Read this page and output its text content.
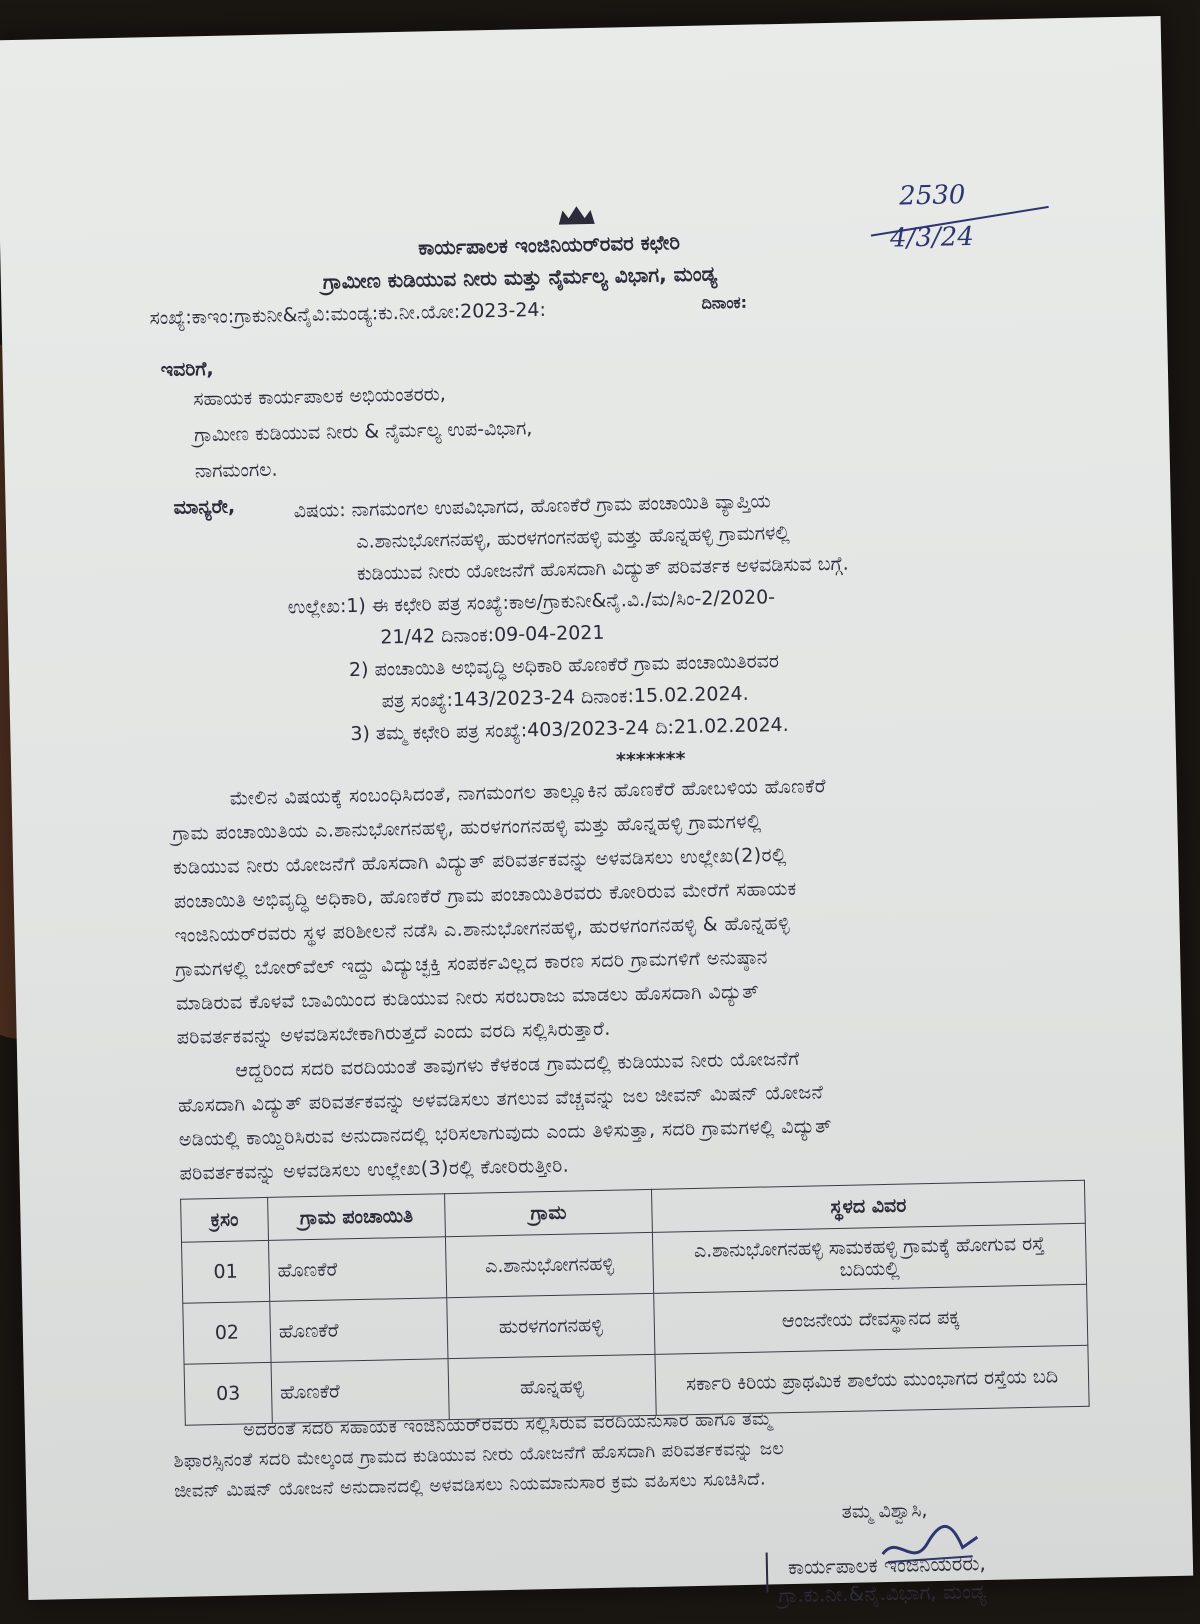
ಕಾರ್ಯಪಾಲಕ ಇಂಜಿನಿಯರ್‌ರವರ ಕಛೇರಿ
ಗ್ರಾಮೀಣ ಕುಡಿಯುವ ನೀರು ಮತ್ತು ನೈರ್ಮಲ್ಯ ವಿಭಾಗ, ಮಂಡ್ಯ
ಸಂಖ್ಯೆ:ಕಾಇಂ:ಗ್ರಾಕುನೀ&ನೈವಿ:ಮಂಡ್ಯ:ಕು.ನೀ.ಯೋ:2023-24:	ದಿನಾಂಕ:
2530
4/3/24
ಇವರಿಗೆ,
ಸಹಾಯಕ ಕಾರ್ಯಪಾಲಕ ಅಭಿಯಂತರರು,
ಗ್ರಾಮೀಣ ಕುಡಿಯುವ ನೀರು & ನೈರ್ಮಲ್ಯ ಉಪ-ವಿಭಾಗ,
ನಾಗಮಂಗಲ.
ಮಾನ್ಯರೇ,	ವಿಷಯ: ನಾಗಮಂಗಲ ಉಪವಿಭಾಗದ, ಹೊಣಕೆರೆ ಗ್ರಾಮ ಪಂಚಾಯಿತಿ ವ್ಯಾಪ್ತಿಯ
ಎ.ಶಾನುಭೋಗನಹಳ್ಳಿ, ಹುರಳಗಂಗನಹಳ್ಳಿ ಮತ್ತು ಹೊನ್ನಹಳ್ಳಿ ಗ್ರಾಮಗಳಲ್ಲಿ
ಕುಡಿಯುವ ನೀರು ಯೋಜನೆಗೆ ಹೊಸದಾಗಿ ವಿದ್ಯುತ್ ಪರಿವರ್ತಕ ಅಳವಡಿಸುವ ಬಗ್ಗೆ.
ಉಲ್ಲೇಖ:1) ಈ ಕಛೇರಿ ಪತ್ರ ಸಂಖ್ಯೆ:ಕಾಅ/ಗ್ರಾಕುನೀ&ನೈ.ವಿ./ಮ/ಸಿಂ-2/2020-
21/42 ದಿನಾಂಕ:09-04-2021
2) ಪಂಚಾಯಿತಿ ಅಭಿವೃದ್ಧಿ ಅಧಿಕಾರಿ ಹೊಣಕೆರೆ ಗ್ರಾಮ ಪಂಚಾಯಿತಿರವರ
ಪತ್ರ ಸಂಖ್ಯೆ:143/2023-24 ದಿನಾಂಕ:15.02.2024.
3) ತಮ್ಮ ಕಛೇರಿ ಪತ್ರ ಸಂಖ್ಯೆ:403/2023-24 ದಿ:21.02.2024.
*******
ಮೇಲಿನ ವಿಷಯಕ್ಕೆ ಸಂಬಂಧಿಸಿದಂತೆ, ನಾಗಮಂಗಲ ತಾಲ್ಲೂಕಿನ ಹೊಣಕೆರೆ ಹೋಬಳಿಯ ಹೊಣಕೆರೆ
ಗ್ರಾಮ ಪಂಚಾಯಿತಿಯ ಎ.ಶಾನುಭೋಗನಹಳ್ಳಿ, ಹುರಳಗಂಗನಹಳ್ಳಿ ಮತ್ತು ಹೊನ್ನಹಳ್ಳಿ ಗ್ರಾಮಗಳಲ್ಲಿ
ಕುಡಿಯುವ ನೀರು ಯೋಜನೆಗೆ ಹೊಸದಾಗಿ ವಿದ್ಯುತ್ ಪರಿವರ್ತಕವನ್ನು ಅಳವಡಿಸಲು ಉಲ್ಲೇಖ(2)ರಲ್ಲಿ
ಪಂಚಾಯಿತಿ ಅಭಿವೃದ್ಧಿ ಅಧಿಕಾರಿ, ಹೊಣಕೆರೆ ಗ್ರಾಮ ಪಂಚಾಯಿತಿರವರು ಕೋರಿರುವ ಮೇರೆಗೆ ಸಹಾಯಕ
ಇಂಜಿನಿಯರ್‌ರವರು ಸ್ಥಳ ಪರಿಶೀಲನೆ ನಡೆಸಿ ಎ.ಶಾನುಭೋಗನಹಳ್ಳಿ, ಹುರಳಗಂಗನಹಳ್ಳಿ & ಹೊನ್ನಹಳ್ಳಿ
ಗ್ರಾಮಗಳಲ್ಲಿ ಬೋರ್‌ವೆಲ್ ಇದ್ದು ವಿದ್ಯುಚ್ಛಕ್ತಿ ಸಂಪರ್ಕವಿಲ್ಲದ ಕಾರಣ ಸದರಿ ಗ್ರಾಮಗಳಿಗೆ ಅನುಷ್ಠಾನ
ಮಾಡಿರುವ ಕೊಳವೆ ಬಾವಿಯಿಂದ ಕುಡಿಯುವ ನೀರು ಸರಬರಾಜು ಮಾಡಲು ಹೊಸದಾಗಿ ವಿದ್ಯುತ್
ಪರಿವರ್ತಕವನ್ನು ಅಳವಡಿಸಬೇಕಾಗಿರುತ್ತದೆ ಎಂದು ವರದಿ ಸಲ್ಲಿಸಿರುತ್ತಾರೆ.
ಆದ್ದರಿಂದ ಸದರಿ ವರದಿಯಂತೆ ತಾವುಗಳು ಕೆಳಕಂಡ ಗ್ರಾಮದಲ್ಲಿ ಕುಡಿಯುವ ನೀರು ಯೋಜನೆಗೆ
ಹೊಸದಾಗಿ ವಿದ್ಯುತ್ ಪರಿವರ್ತಕವನ್ನು ಅಳವಡಿಸಲು ತಗಲುವ ವೆಚ್ಚವನ್ನು ಜಲ ಜೀವನ್ ಮಿಷನ್ ಯೋಜನೆ
ಅಡಿಯಲ್ಲಿ ಕಾಯ್ದಿರಿಸಿರುವ ಅನುದಾನದಲ್ಲಿ ಭರಿಸಲಾಗುವುದು ಎಂದು ತಿಳಿಸುತ್ತಾ, ಸದರಿ ಗ್ರಾಮಗಳಲ್ಲಿ ವಿದ್ಯುತ್
ಪರಿವರ್ತಕವನ್ನು ಅಳವಡಿಸಲು ಉಲ್ಲೇಖ(3)ರಲ್ಲಿ ಕೋರಿರುತ್ತೀರಿ.
ಕ್ರಸಂ	ಗ್ರಾಮ ಪಂಚಾಯಿತಿ	ಗ್ರಾಮ	ಸ್ಥಳದ ವಿವರ
01	ಹೊಣಕೆರೆ	ಎ.ಶಾನುಭೋಗನಹಳ್ಳಿ	ಎ.ಶಾನುಭೋಗನಹಳ್ಳಿ ಸಾಮಕಹಳ್ಳಿ ಗ್ರಾಮಕ್ಕೆ ಹೋಗುವ ರಸ್ತೆ ಬದಿಯಲ್ಲಿ
02	ಹೊಣಕೆರೆ	ಹುರಳಗಂಗನಹಳ್ಳಿ	ಆಂಜನೇಯ ದೇವಸ್ಥಾನದ ಪಕ್ಕ
03	ಹೊಣಕೆರೆ	ಹೊನ್ನಹಳ್ಳಿ	ಸರ್ಕಾರಿ ಕಿರಿಯ ಪ್ರಾಥಮಿಕ ಶಾಲೆಯ ಮುಂಭಾಗದ ರಸ್ತೆಯ ಬದಿ
ಅದರಂತೆ ಸದರಿ ಸಹಾಯಕ ಇಂಜಿನಿಯರ್‌ರವರು ಸಲ್ಲಿಸಿರುವ ವರದಿಯನುಸಾರ ಹಾಗೂ ತಮ್ಮ
ಶಿಫಾರಸ್ಸಿನಂತೆ ಸದರಿ ಮೇಲ್ಕಂಡ ಗ್ರಾಮದ ಕುಡಿಯುವ ನೀರು ಯೋಜನೆಗೆ ಹೊಸದಾಗಿ ಪರಿವರ್ತಕವನ್ನು ಜಲ
ಜೀವನ್ ಮಿಷನ್ ಯೋಜನೆ ಅನುದಾನದಲ್ಲಿ ಅಳವಡಿಸಲು ನಿಯಮಾನುಸಾರ ಕ್ರಮ ವಹಿಸಲು ಸೂಚಿಸಿದೆ.
ತಮ್ಮ ವಿಶ್ವಾಸಿ,
ಕಾರ್ಯಪಾಲಕ ಇಂಜಿನಿಯರರು,
ಗ್ರಾ.ಕು.ನೀ.&ನೈ.ವಿಭಾಗ, ಮಂಡ್ಯ
